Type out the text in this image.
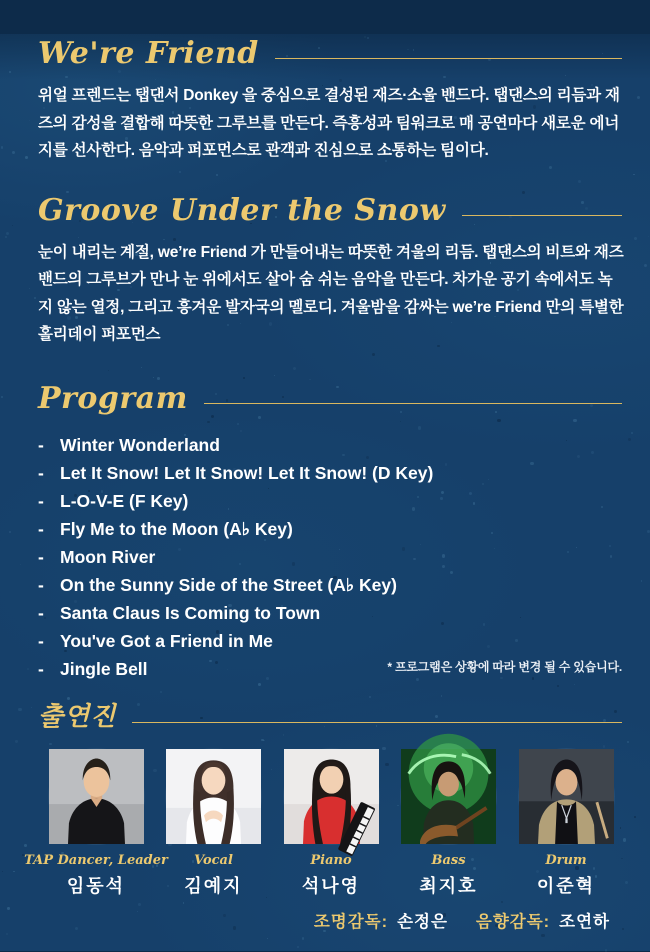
We're Friend

위얼 프렌드는 탭댄서 Donkey 을 중심으로 결성된 재즈·소울 밴드다. 탭댄스의 리듬과 재즈의 감성을 결합해 따뜻한 그루브를 만든다. 즉흥성과 팀워크로 매 공연마다 새로운 에너지를 선사한다. 음악과 퍼포먼스로 관객과 진심으로 소통하는 팀이다.

Groove Under the Snow

눈이 내리는 계절, we’re Friend 가 만들어내는 따뜻한 겨울의 리듬. 탭댄스의 비트와 재즈 밴드의 그루브가 만나 눈 위에서도 살아 숨 쉬는 음악을 만든다. 차가운 공기 속에서도 녹지 않는 열정, 그리고 흥겨운 발자국의 멜로디. 겨울밤을 감싸는 we’re Friend 만의 특별한 홀리데이 퍼포먼스

Program
- Winter Wonderland
- Let It Snow! Let It Snow! Let It Snow! (D Key)
- L-O-V-E (F Key)
- Fly Me to the Moon (A♭ Key)
- Moon River
- On the Sunny Side of the Street (A♭ Key)
- Santa Claus Is Coming to Town
- You've Got a Friend in Me
- Jingle Bell	* 프로그램은 상황에 따라 변경 될 수 있습니다.
출연진
TAP Dancer, Leader
임동석
Vocal
김예지
Piano
석나영
Bass
최지호
Drum
이준혁
조명감독: 손정은 음향감독: 조연하
